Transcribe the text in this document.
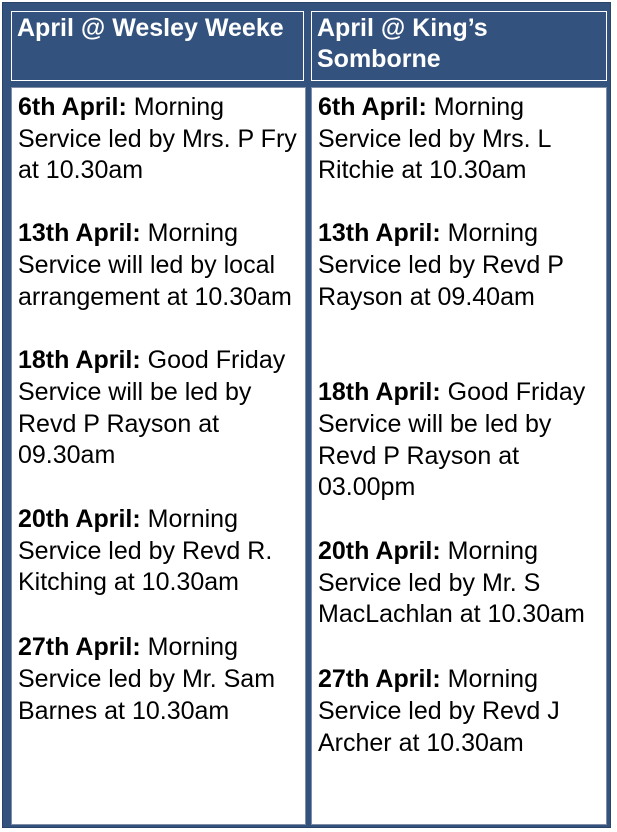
April @ Wesley Weeke	April @ King’s Somborne

6th April: Morning Service led by Mrs. P Fry at 10.30am

13th April: Morning Service will led by local arrangement at 10.30am

18th April: Good Friday Service will be led by Revd P Rayson at 09.30am

20th April: Morning Service led by Revd R. Kitching at 10.30am

27th April: Morning Service led by Mr. Sam Barnes at 10.30am

6th April: Morning Service led by Mrs. L Ritchie at 10.30am

13th April: Morning Service led by Revd P Rayson at 09.40am

18th April: Good Friday Service will be led by Revd P Rayson at 03.00pm

20th April: Morning Service led by Mr. S MacLachlan at 10.30am

27th April: Morning Service led by Revd J Archer at 10.30am
